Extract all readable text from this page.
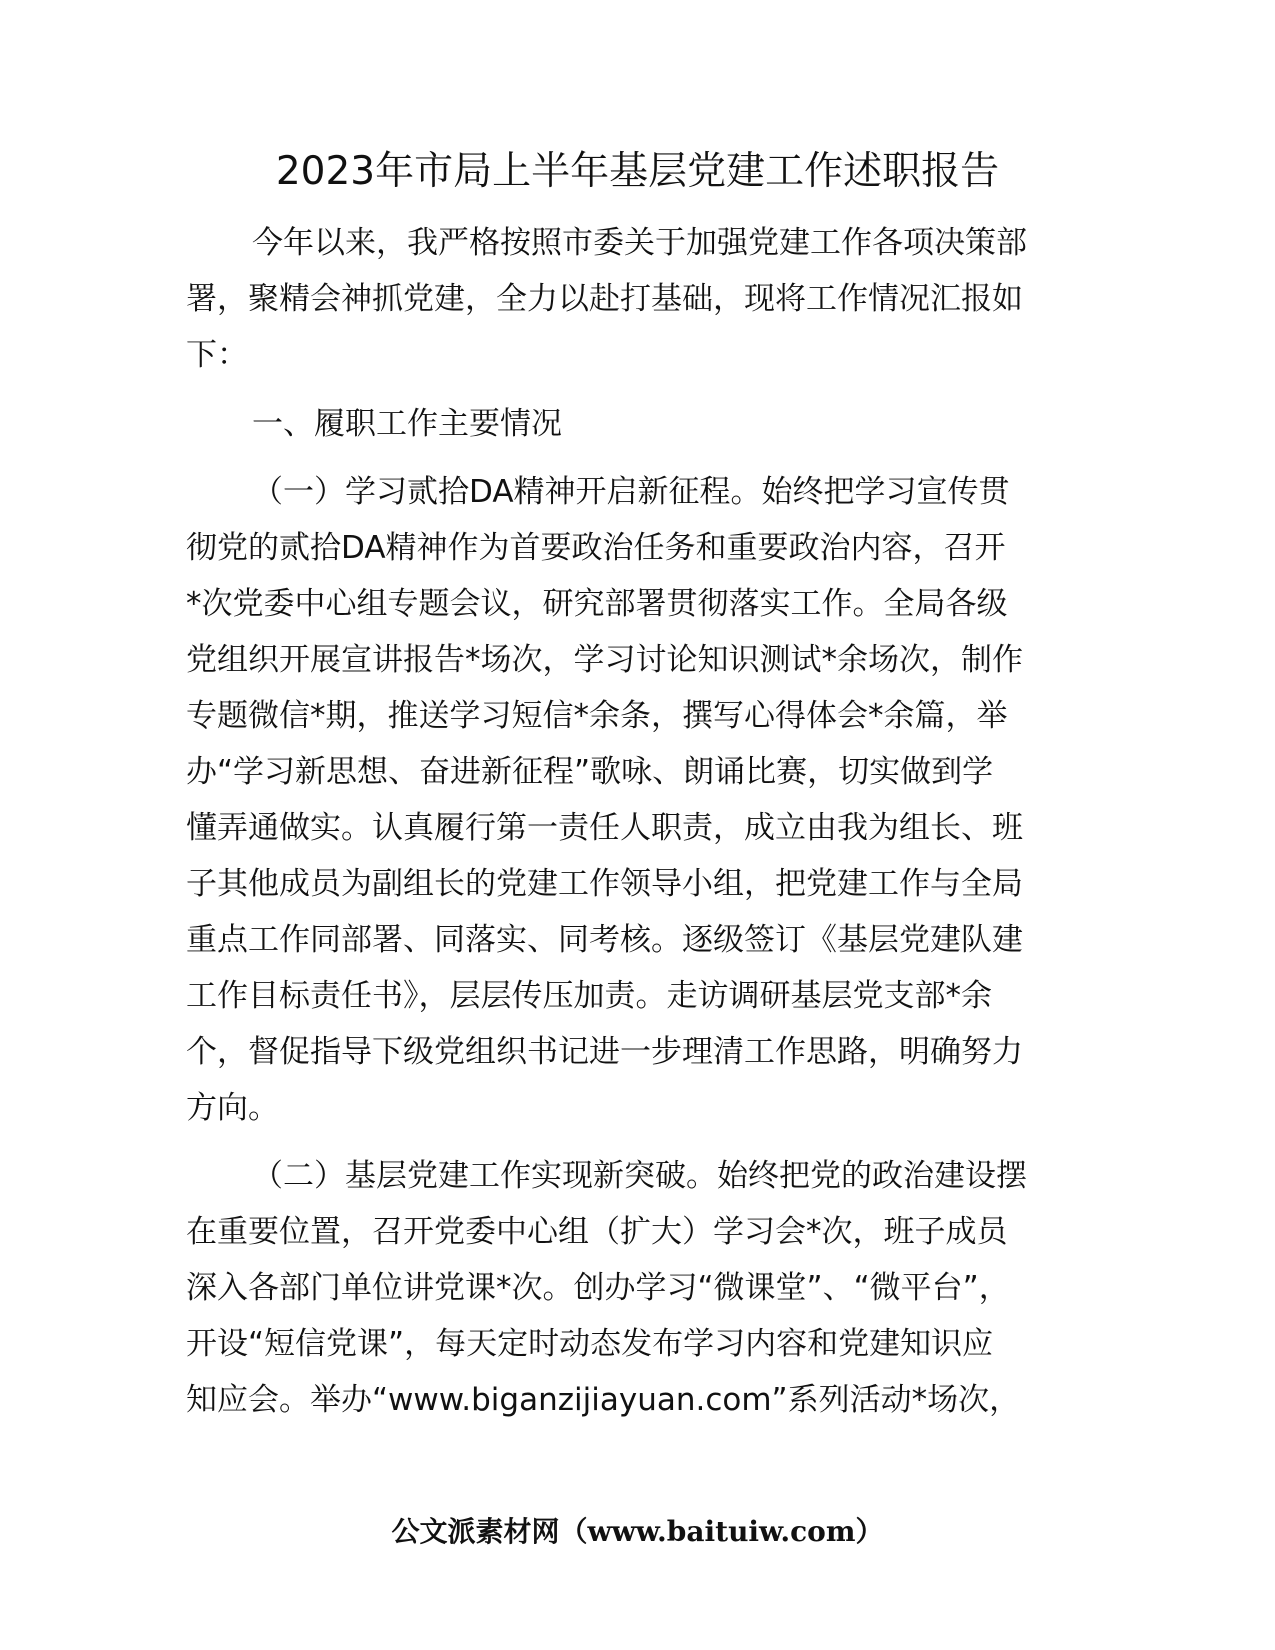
2023年市局上半年基层党建工作述职报告
今年以来，我严格按照市委关于加强党建工作各项决策部
署，聚精会神抓党建，全力以赴打基础，现将工作情况汇报如
下：
一、履职工作主要情况
（一）学习贰拾DA精神开启新征程。始终把学习宣传贯
彻党的贰拾DA精神作为首要政治任务和重要政治内容，召开
*次党委中心组专题会议，研究部署贯彻落实工作。全局各级
党组织开展宣讲报告*场次，学习讨论知识测试*余场次，制作
专题微信*期，推送学习短信*余条，撰写心得体会*余篇，举
办“学习新思想、奋进新征程”歌咏、朗诵比赛，切实做到学
懂弄通做实。认真履行第一责任人职责，成立由我为组长、班
子其他成员为副组长的党建工作领导小组，把党建工作与全局
重点工作同部署、同落实、同考核。逐级签订《基层党建队建
工作目标责任书》，层层传压加责。走访调研基层党支部*余
个，督促指导下级党组织书记进一步理清工作思路，明确努力
方向。
（二）基层党建工作实现新突破。始终把党的政治建设摆
在重要位置，召开党委中心组（扩大）学习会*次，班子成员
深入各部门单位讲党课*次。创办学习“微课堂”、“微平台”，
开设“短信党课”，每天定时动态发布学习内容和党建知识应
知应会。举办“www.biganzijiayuan.com”系列活动*场次，
公文派素材网（www.baituiw.com）
